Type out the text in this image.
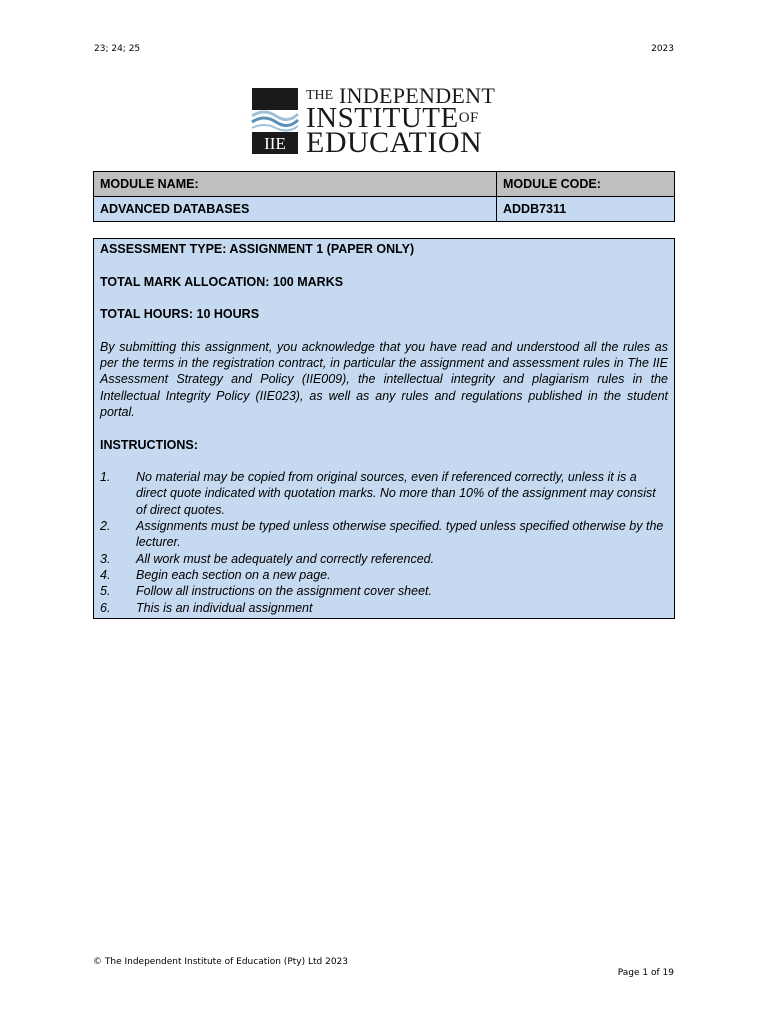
23; 24; 25	2023
IIE
$^{THE}$ INDEPENDENT
$INSTITUTE^{OF}$
EDUCATION
MODULE NAME:	MODULE CODE:
ADVANCED DATABASES	ADDB7311

ASSESSMENT TYPE: ASSIGNMENT 1 (PAPER ONLY)

TOTAL MARK ALLOCATION: 100 MARKS

TOTAL HOURS: 10 HOURS

By submitting this assignment, you acknowledge that you have read and understood all the rules as per the terms in the registration contract, in particular the assignment and assessment rules in The IIE Assessment Strategy and Policy (IIE009), the intellectual integrity and plagiarism rules in the Intellectual Integrity Policy (IIE023), as well as any rules and regulations published in the student portal.

INSTRUCTIONS:

1.	No material may be copied from original sources, even if referenced correctly, unless it is a direct quote indicated with quotation marks. No more than 10% of the assignment may consist of direct quotes.
2.	Assignments must be typed unless otherwise specified. typed unless specified otherwise by the lecturer.
3.	All work must be adequately and correctly referenced.
4.	Begin each section on a new page.
5.	Follow all instructions on the assignment cover sheet.
6.	This is an individual assignment
© The Independent Institute of Education (Pty) Ltd 2023
Page 1 of 19
